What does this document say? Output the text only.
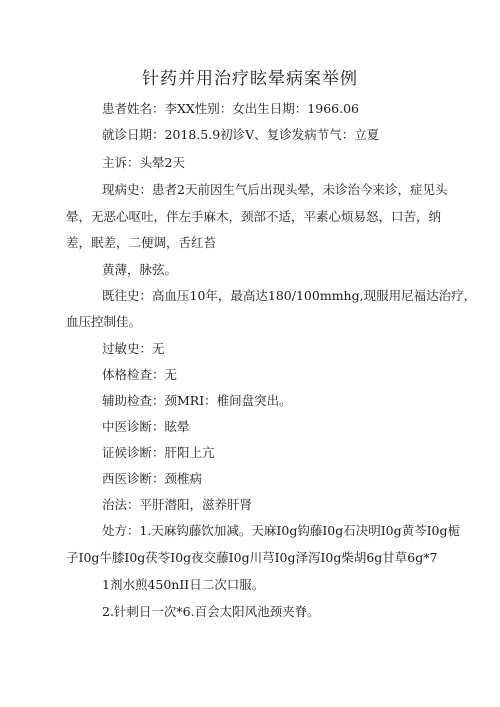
针药并用治疗眩晕病案举例
患者姓名：李XX性别：女出生日期：1966.06
就诊日期：2018.5.9初诊V、复诊发病节气：立夏
主诉：头晕2天
现病史：患者2天前因生气后出现头晕，未诊治今来诊，症见头
晕，无恶心呕吐，伴左手麻木，颈部不适，平素心烦易怒，口苦，纳
差，眠差，二便调，舌红苔
黄薄，脉弦。
既往史：高血压10年，最高达180/100mmhg,现服用尼福达治疗，
血压控制佳。
过敏史：无
体格检查：无
辅助检查：颈MRI：椎间盘突出。
中医诊断：眩晕
证候诊断：肝阳上亢
西医诊断：颈椎病
治法：平肝潜阳，滋养肝肾
处方：1.天麻钩藤饮加减。天麻I0g钩藤I0g石决明I0g黄芩I0g栀
子I0g牛膝I0g茯苓I0g夜交藤I0g川芎I0g泽泻I0g柴胡6g甘草6g*7
1剂水煎450nII日二次口服。
2.针刺日一次*6.百会太阳风池颈夹脊。
